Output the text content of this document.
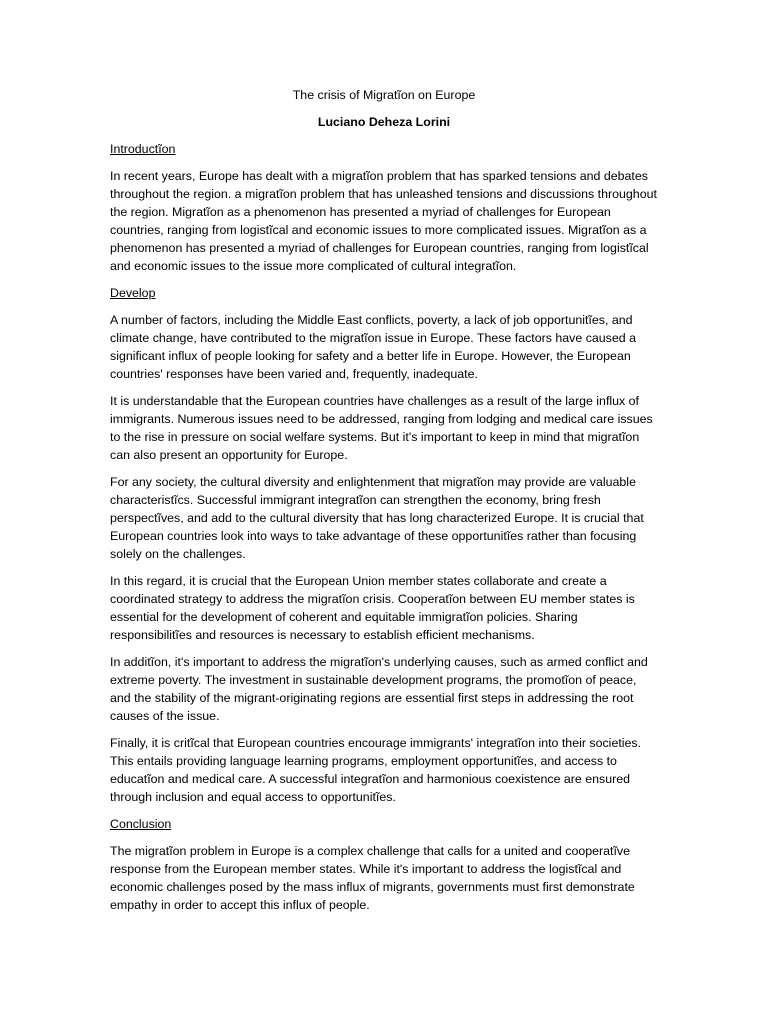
The crisis of Migratĩon on Europe
Luciano Deheza Lorini
Introductĩon

In recent years, Europe has dealt with a migratĩon problem that has sparked tensions and debates throughout the region. a migratĩon problem that has unleashed tensions and discussions throughout the region. Migratĩon as a phenomenon has presented a myriad of challenges for European countries, ranging from logistĩcal and economic issues to more complicated issues. Migratĩon as a phenomenon has presented a myriad of challenges for European countries, ranging from logistĩcal and economic issues to the issue more complicated of cultural integratĩon.

Develop

A number of factors, including the Middle East conflicts, poverty, a lack of job opportunitĩes, and climate change, have contributed to the migratĩon issue in Europe. These factors have caused a significant influx of people looking for safety and a better life in Europe. However, the European countries' responses have been varied and, frequently, inadequate.

It is understandable that the European countries have challenges as a result of the large influx of immigrants. Numerous issues need to be addressed, ranging from lodging and medical care issues to the rise in pressure on social welfare systems. But it's important to keep in mind that migratĩon can also present an opportunity for Europe.

For any society, the cultural diversity and enlightenment that migratĩon may provide are valuable characteristĩcs. Successful immigrant integratĩon can strengthen the economy, bring fresh perspectĩves, and add to the cultural diversity that has long characterized Europe. It is crucial that European countries look into ways to take advantage of these opportunitĩes rather than focusing solely on the challenges.

In this regard, it is crucial that the European Union member states collaborate and create a coordinated strategy to address the migratĩon crisis. Cooperatĩon between EU member states is essential for the development of coherent and equitable immigratĩon policies. Sharing responsibilitĩes and resources is necessary to establish efficient mechanisms.

In additĩon, it's important to address the migratĩon's underlying causes, such as armed conflict and extreme poverty. The investment in sustainable development programs, the promotĩon of peace, and the stability of the migrant-originating regions are essential first steps in addressing the root causes of the issue.

Finally, it is critĩcal that European countries encourage immigrants' integratĩon into their societies. This entails providing language learning programs, employment opportunitĩes, and access to educatĩon and medical care. A successful integratĩon and harmonious coexistence are ensured through inclusion and equal access to opportunitĩes.

Conclusion

The migratĩon problem in Europe is a complex challenge that calls for a united and cooperatĩve response from the European member states. While it's important to address the logistĩcal and economic challenges posed by the mass influx of migrants, governments must first demonstrate empathy in order to accept this influx of people.
